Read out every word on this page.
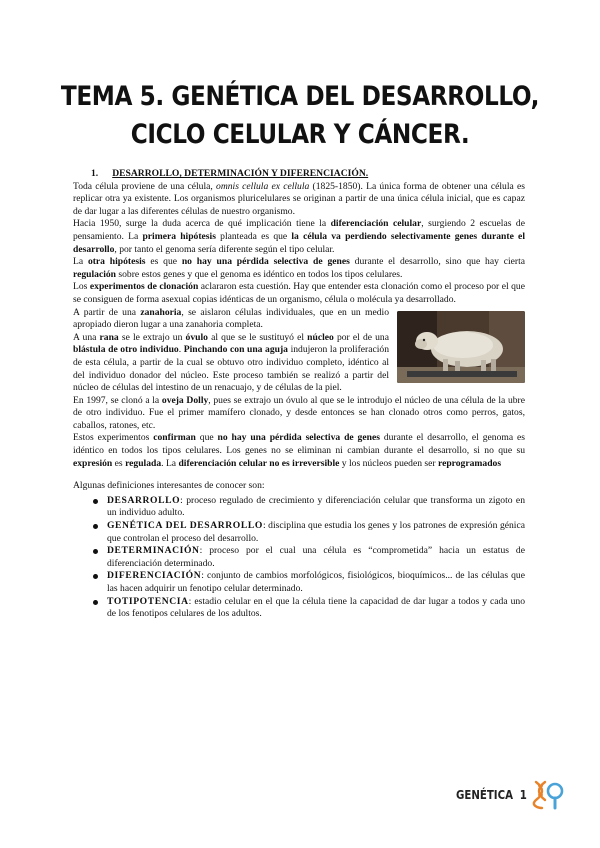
TEMA 5. GENÉTICA DEL DESARROLLO,
CICLO CELULAR Y CÁNCER.

1. DESARROLLO, DETERMINACIÓN Y DIFERENCIACIÓN.

Toda célula proviene de una célula, omnis cellula ex cellula (1825-1850). La única forma de obtener una célula es replicar otra ya existente. Los organismos pluricelulares se originan a partir de una única célula inicial, que es capaz de dar lugar a las diferentes células de nuestro organismo.

Hacia 1950, surge la duda acerca de qué implicación tiene la diferenciación celular, surgiendo 2 escuelas de pensamiento. La primera hipótesis planteada es que la célula va perdiendo selectivamente genes durante el desarrollo, por tanto el genoma sería diferente según el tipo celular.

La otra hipótesis es que no hay una pérdida selectiva de genes durante el desarrollo, sino que hay cierta regulación sobre estos genes y que el genoma es idéntico en todos los tipos celulares.

Los experimentos de clonación aclararon esta cuestión. Hay que entender esta clonación como el proceso por el que se consiguen de forma asexual copias idénticas de un organismo, célula o molécula ya desarrollado.

A partir de una zanahoria, se aislaron células individuales, que en un medio apropiado dieron lugar a una zanahoria completa.

A una rana se le extrajo un óvulo al que se le sustituyó el núcleo por el de una blástula de otro individuo. Pinchando con una aguja indujeron la proliferación de esta célula, a partir de la cual se obtuvo otro individuo completo, idéntico al del individuo donador del núcleo. Este proceso también se realizó a partir del núcleo de células del intestino de un renacuajo, y de células de la piel.

En 1997, se clonó a la oveja Dolly, pues se extrajo un óvulo al que se le introdujo el núcleo de una célula de la ubre de otro individuo. Fue el primer mamífero clonado, y desde entonces se han clonado otros como perros, gatos, caballos, ratones, etc.

Estos experimentos confirman que no hay una pérdida selectiva de genes durante el desarrollo, el genoma es idéntico en todos los tipos celulares. Los genes no se eliminan ni cambian durante el desarrollo, si no que su expresión es regulada. La diferenciación celular no es irreversible y los núcleos pueden ser reprogramados

Algunas definiciones interesantes de conocer son:

DESARROLLO: proceso regulado de crecimiento y diferenciación celular que transforma un zigoto en un individuo adulto.
GENÉTICA DEL DESARROLLO: disciplina que estudia los genes y los patrones de expresión génica que controlan el proceso del desarrollo.
DETERMINACIÓN: proceso por el cual una célula es “comprometida” hacia un estatus de diferenciación determinado.
DIFERENCIACIÓN: conjunto de cambios morfológicos, fisiológicos, bioquímicos... de las células que las hacen adquirir un fenotipo celular determinado.
TOTIPOTENCIA: estadio celular en el que la célula tiene la capacidad de dar lugar a todos y cada uno de los fenotipos celulares de los adultos.
GENÉTICA 1
